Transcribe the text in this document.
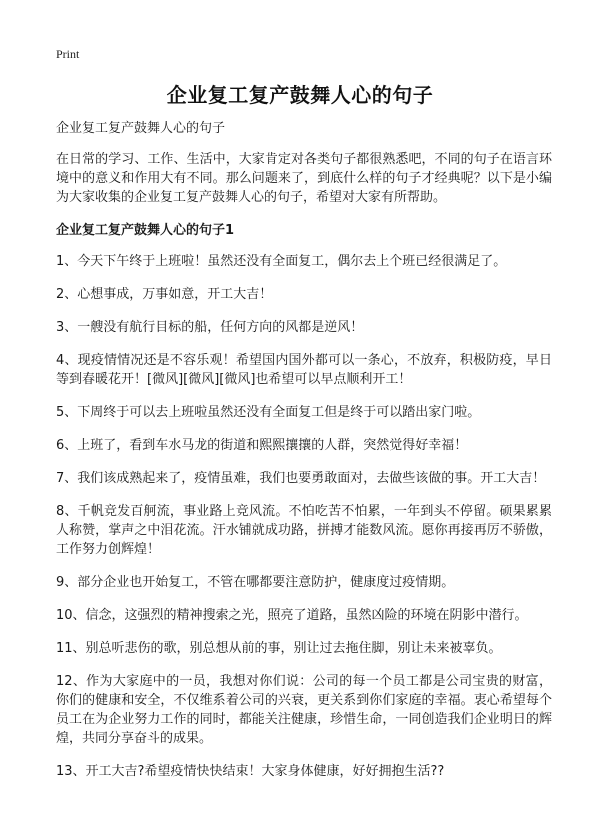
Print
企业复工复产鼓舞人心的句子

企业复工复产鼓舞人心的句子

在日常的学习、工作、生活中，大家肯定对各类句子都很熟悉吧，不同的句子在语言环境中的意义和作用大有不同。那么问题来了，到底什么样的句子才经典呢？以下是小编为大家收集的企业复工复产鼓舞人心的句子，希望对大家有所帮助。

企业复工复产鼓舞人心的句子1

1、今天下午终于上班啦！虽然还没有全面复工，偶尔去上个班已经很满足了。

2、心想事成，万事如意，开工大吉！

3、一艘没有航行目标的船，任何方向的风都是逆风！

4、现疫情情况还是不容乐观！希望国内国外都可以一条心，不放弃，积极防疫，早日等到春暖花开！[微风][微风][微风]也希望可以早点顺利开工！

5、下周终于可以去上班啦虽然还没有全面复工但是终于可以踏出家门啦。

6、上班了，看到车水马龙的街道和熙熙攘攘的人群，突然觉得好幸福！

7、我们该成熟起来了，疫情虽难，我们也要勇敢面对，去做些该做的事。开工大吉！

8、千帆竞发百舸流，事业路上竞风流。不怕吃苦不怕累，一年到头不停留。硕果累累人称赞，掌声之中泪花流。汗水铺就成功路，拼搏才能数风流。愿你再接再厉不骄傲，工作努力创辉煌！

9、部分企业也开始复工，不管在哪都要注意防护，健康度过疫情期。

10、信念，这强烈的精神搜索之光，照亮了道路，虽然凶险的环境在阴影中潜行。

11、别总听悲伤的歌，别总想从前的事，别让过去拖住脚，别让未来被辜负。

12、作为大家庭中的一员，我想对你们说：公司的每一个员工都是公司宝贵的财富，你们的健康和安全，不仅维系着公司的兴衰，更关系到你们家庭的幸福。衷心希望每个员工在为企业努力工作的同时，都能关注健康，珍惜生命，一同创造我们企业明日的辉煌，共同分享奋斗的成果。

13、开工大吉?希望疫情快快结束！大家身体健康，好好拥抱生活??
